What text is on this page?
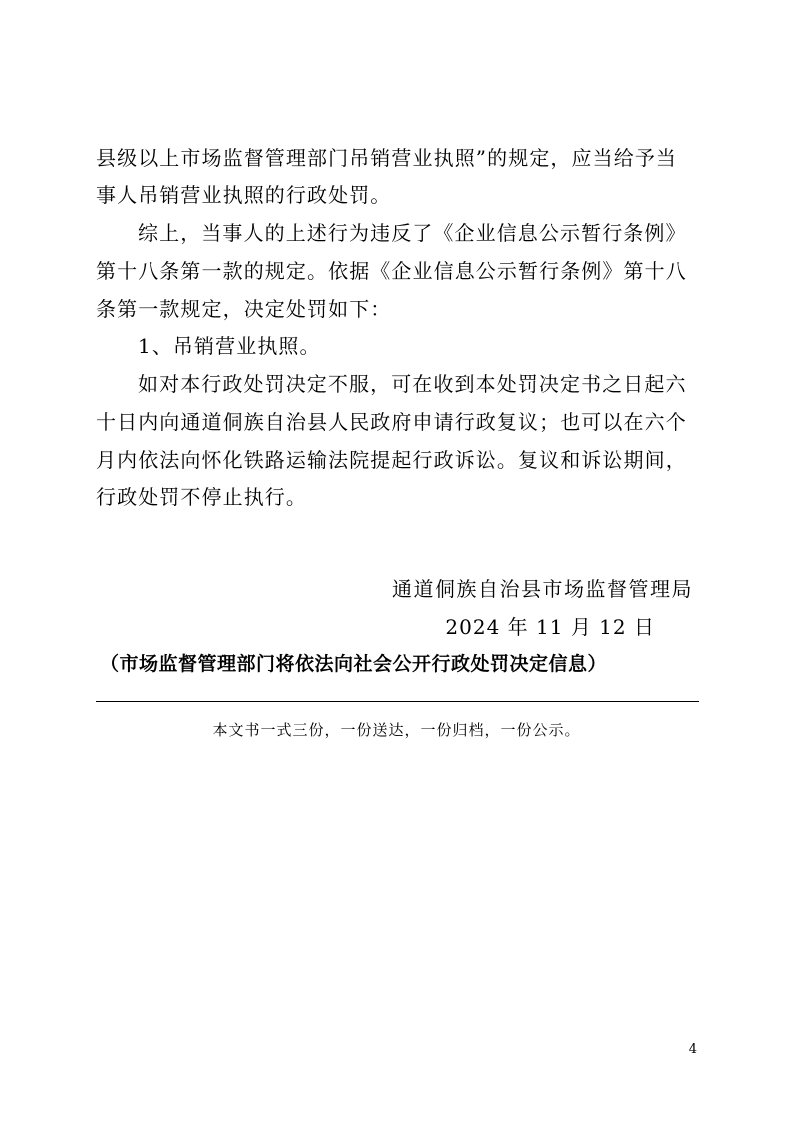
县级以上市场监督管理部门吊销营业执照”的规定，应当给予当
事人吊销营业执照的行政处罚。
综上，当事人的上述行为违反了《企业信息公示暂行条例》
第十八条第一款的规定。依据《企业信息公示暂行条例》第十八
条第一款规定，决定处罚如下：
1、吊销营业执照。
如对本行政处罚决定不服，可在收到本处罚决定书之日起六
十日内向通道侗族自治县人民政府申请行政复议；也可以在六个
月内依法向怀化铁路运输法院提起行政诉讼。复议和诉讼期间，
行政处罚不停止执行。
通道侗族自治县市场监督管理局
2024 年 11 月 12 日
（市场监督管理部门将依法向社会公开行政处罚决定信息）
本文书一式三份，一份送达，一份归档，一份公示。
4
